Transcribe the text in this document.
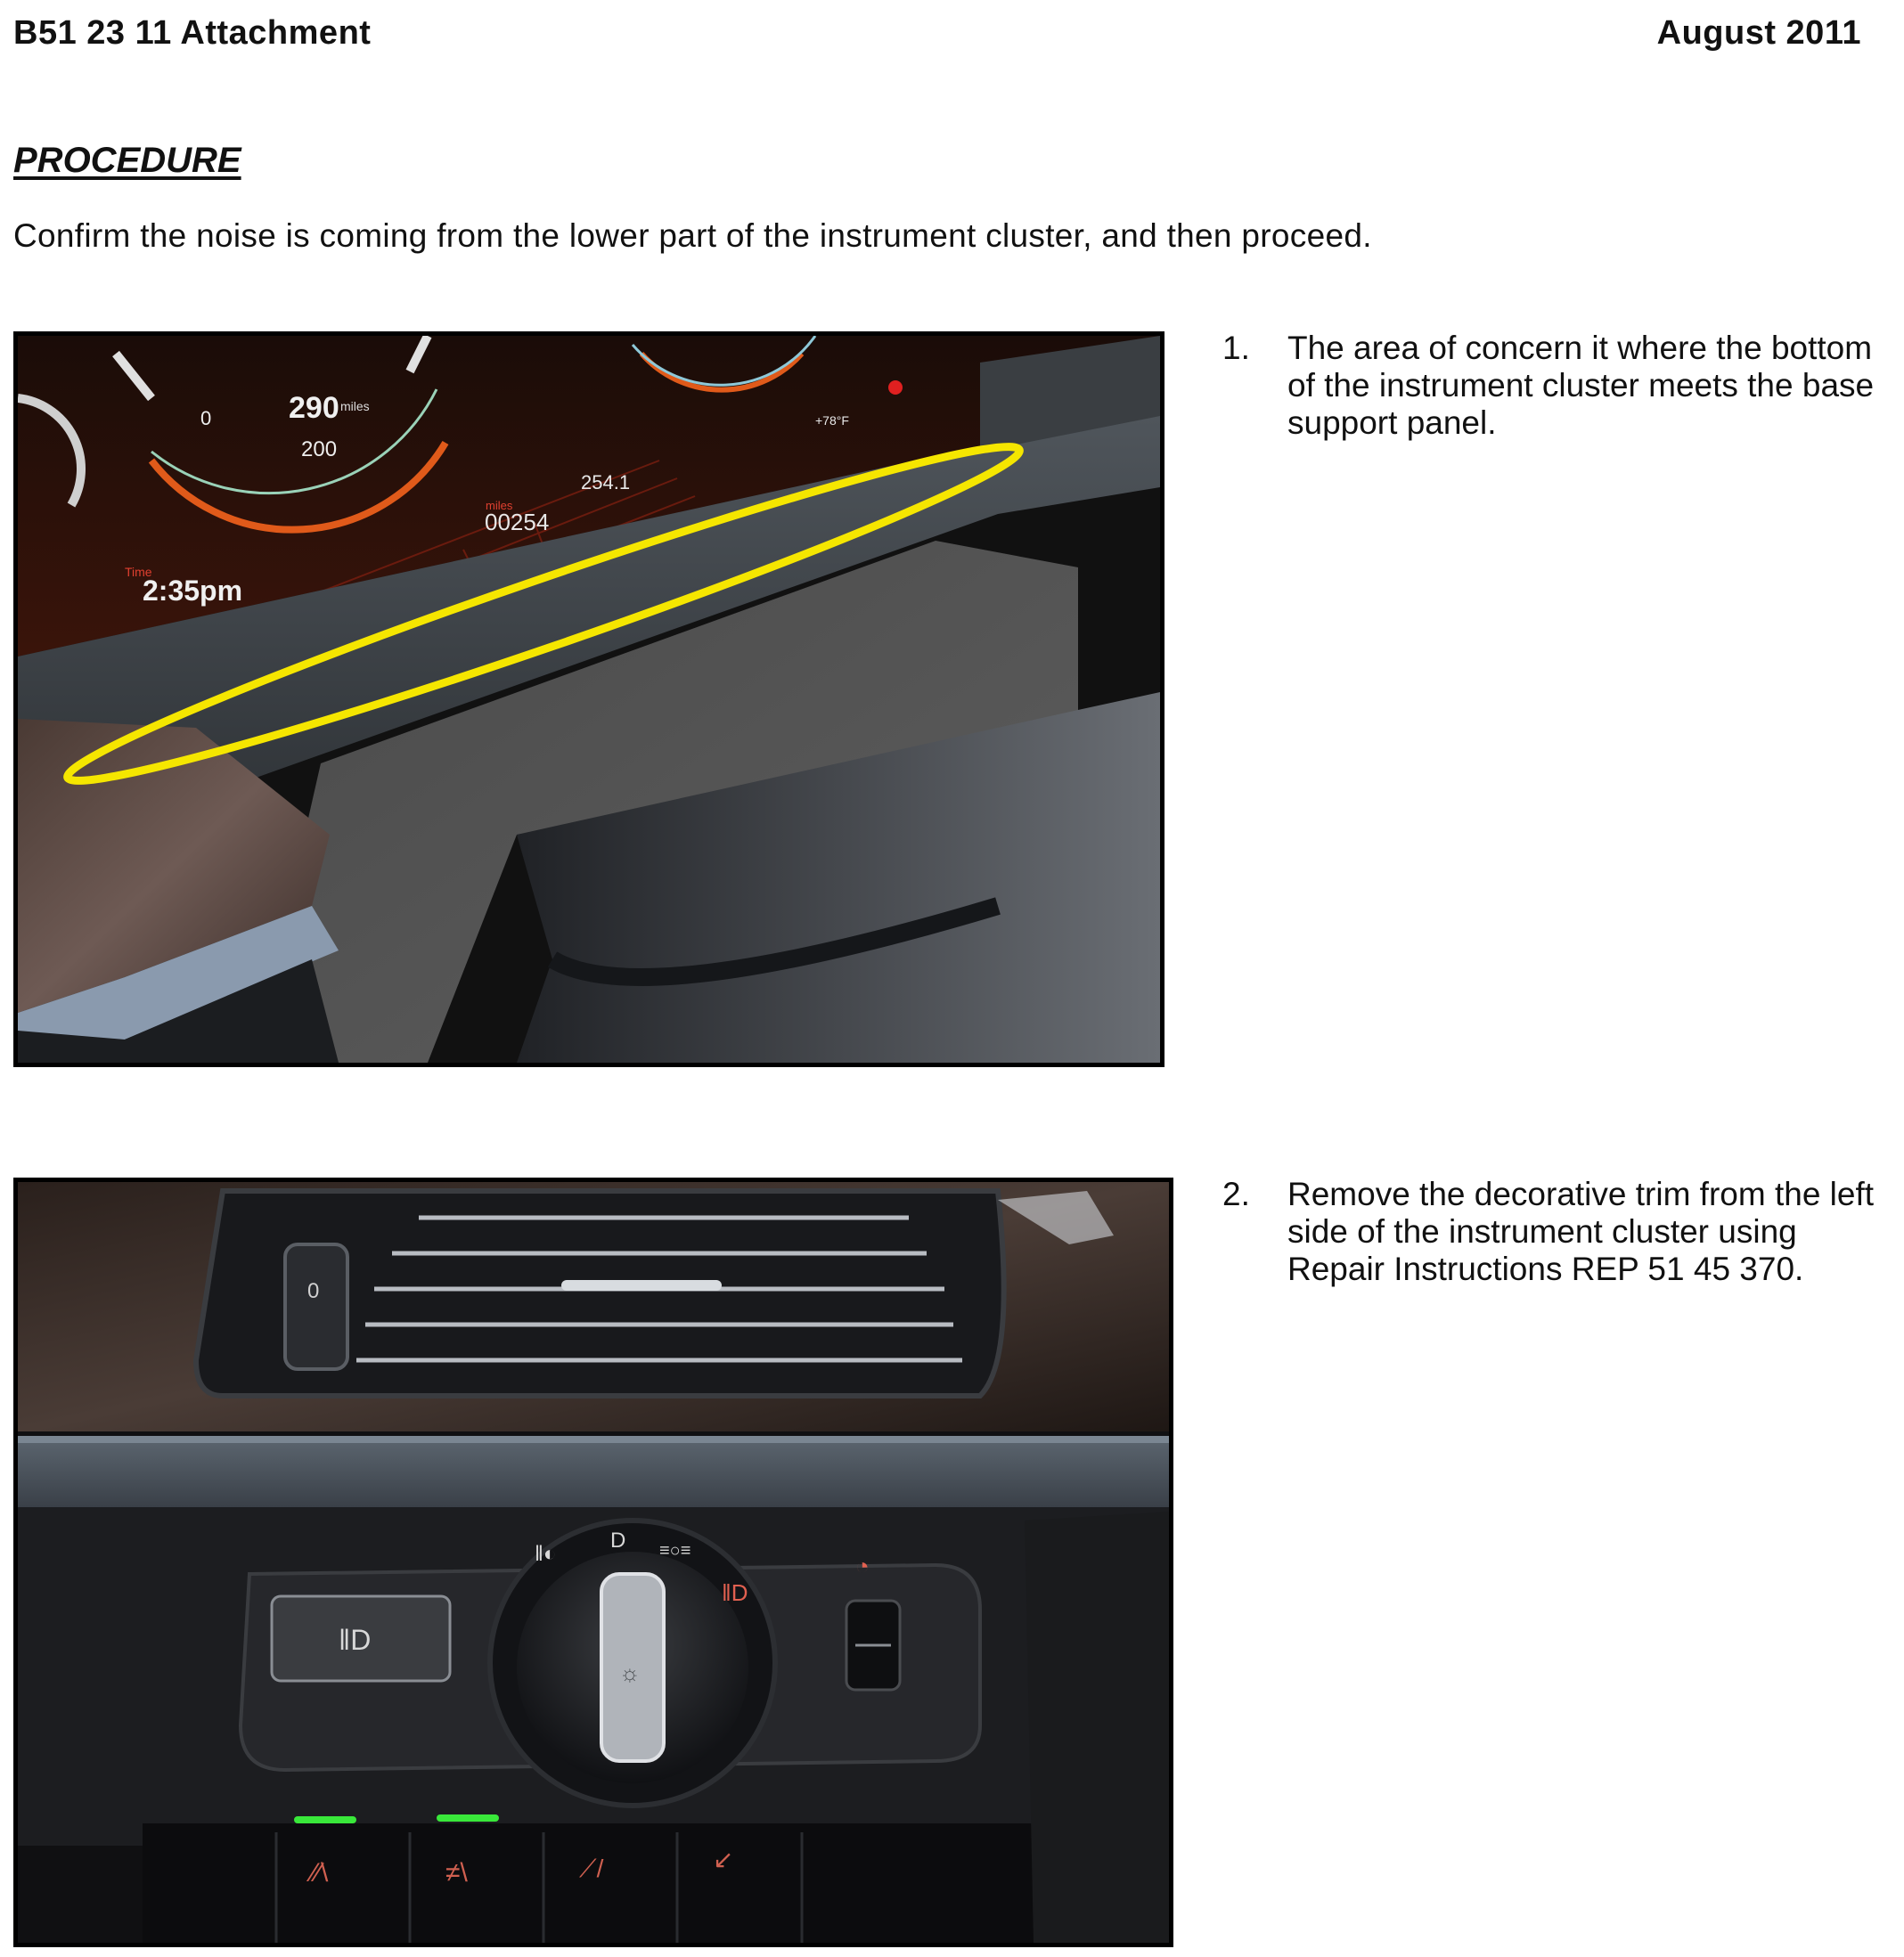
B51 23 11 Attachment	August 2011
PROCEDURE
Confirm the noise is coming from the lower part of the instrument cluster, and then proceed.
0	290 miles
200
Time
2:35pm
miles
00254
254.1
+78°F
1. The area of concern it where the bottom of the instrument cluster meets the base support panel.
0
‖D
‖◐
D ≡○≡
‖D
☼
◔
⁄⁄\	≠\	⟋/	↙
2. Remove the decorative trim from the left side of the instrument cluster using Repair Instructions REP 51 45 370.
